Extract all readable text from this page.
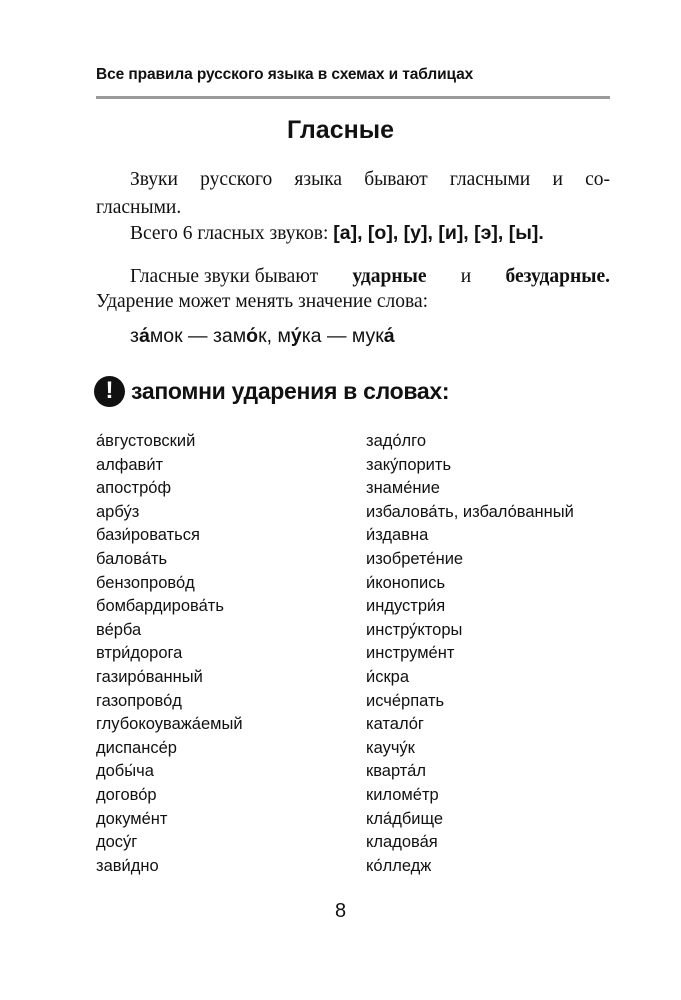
Все правила русского языка в схемах и таблицах
Гласные
Звуки русского языка бывают гласными и со-
гласными.
Всего 6 гласных звуков: [а], [о], [у], [и], [э], [ы].
Гласные звуки бывают ударные и безударные.
Ударение может менять значение слова:
за́мок — замо́к, му́ка — мука́
! запомни ударения в словах:
а́вгустовский
алфави́т
апостро́ф
арбу́з
бази́роваться
балова́ть
бензопрово́д
бомбардирова́ть
ве́рба
втри́дорога
газиро́ванный
газопрово́д
глубокоуважа́емый
диспансе́р
добы́ча
догово́р
докуме́нт
досу́г
зави́дно
задо́лго
заку́порить
знаме́ние
избалова́ть, избало́ванный
и́здавна
изобрете́ние
и́конопись
индустри́я
инстру́кторы
инструме́нт
и́скра
исче́рпать
катало́г
каучу́к
кварта́л
киломе́тр
кла́дбище
кладова́я
ко́лледж
8
